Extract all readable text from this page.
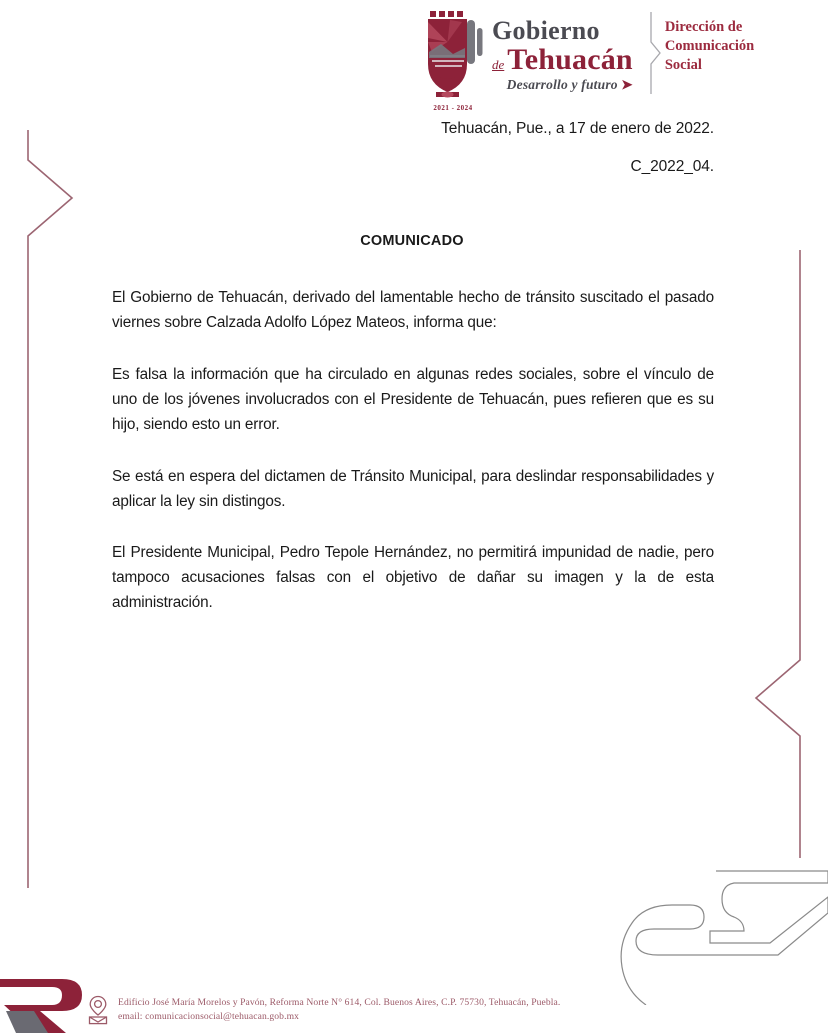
2021 - 2024
Gobierno
de Tehuacán
Desarrollo y futuro ➤
Dirección de
Comunicación
Social
Tehuacán, Pue., a 17 de enero de 2022.
C_2022_04.
COMUNICADO

El Gobierno de Tehuacán, derivado del lamentable hecho de tránsito suscitado el pasado viernes sobre Calzada Adolfo López Mateos, informa que:

Es falsa la información que ha circulado en algunas redes sociales, sobre el vínculo de uno de los jóvenes involucrados con el Presidente de Tehuacán, pues refieren que es su hijo, siendo esto un error.

Se está en espera del dictamen de Tránsito Municipal, para deslindar responsabilidades y aplicar la ley sin distingos.

El Presidente Municipal, Pedro Tepole Hernández, no permitirá impunidad de nadie, pero tampoco acusaciones falsas con el objetivo de dañar su imagen y la de esta administración.

Edificio José María Morelos y Pavón, Reforma Norte N° 614, Col. Buenos Aires, C.P. 75730, Tehuacán, Puebla.
email: comunicacionsocial@tehuacan.gob.mx
